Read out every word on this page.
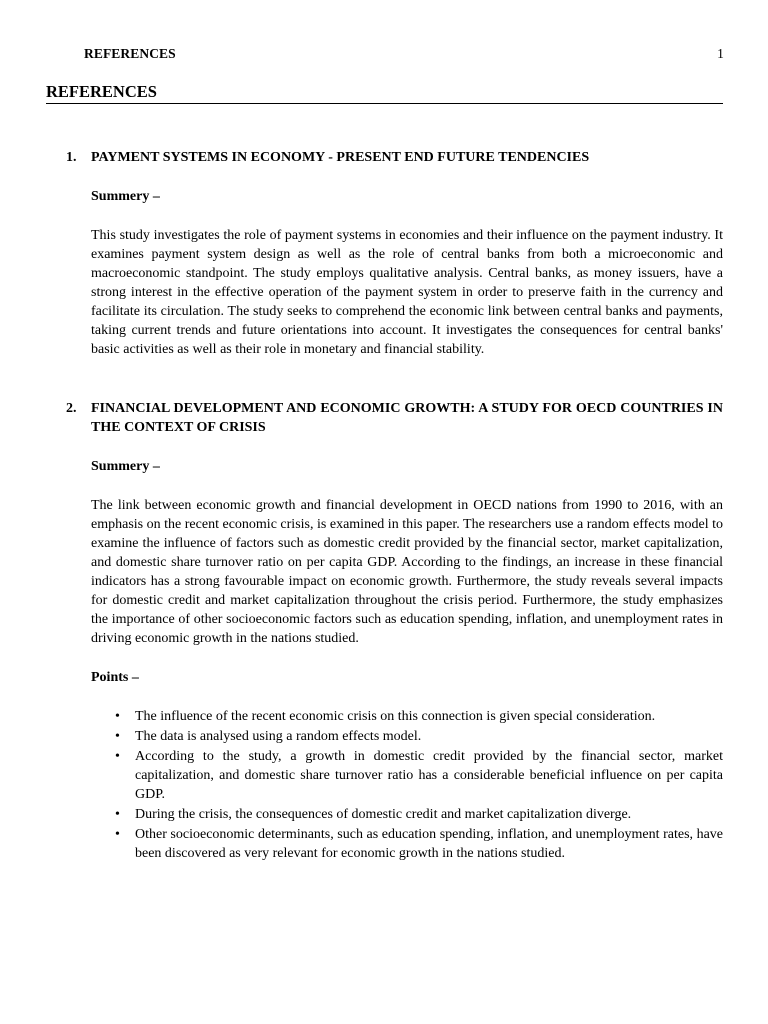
REFERENCES	1
REFERENCES
1. PAYMENT SYSTEMS IN ECONOMY - PRESENT END FUTURE TENDENCIES
Summery –
This study investigates the role of payment systems in economies and their influence on the payment industry. It examines payment system design as well as the role of central banks from both a microeconomic and macroeconomic standpoint. The study employs qualitative analysis. Central banks, as money issuers, have a strong interest in the effective operation of the payment system in order to preserve faith in the currency and facilitate its circulation. The study seeks to comprehend the economic link between central banks and payments, taking current trends and future orientations into account. It investigates the consequences for central banks' basic activities as well as their role in monetary and financial stability.
2. FINANCIAL DEVELOPMENT AND ECONOMIC GROWTH: A STUDY FOR OECD COUNTRIES IN THE CONTEXT OF CRISIS
Summery –
The link between economic growth and financial development in OECD nations from 1990 to 2016, with an emphasis on the recent economic crisis, is examined in this paper. The researchers use a random effects model to examine the influence of factors such as domestic credit provided by the financial sector, market capitalization, and domestic share turnover ratio on per capita GDP. According to the findings, an increase in these financial indicators has a strong favourable impact on economic growth. Furthermore, the study reveals several impacts for domestic credit and market capitalization throughout the crisis period. Furthermore, the study emphasizes the importance of other socioeconomic factors such as education spending, inflation, and unemployment rates in driving economic growth in the nations studied.
Points –
• The influence of the recent economic crisis on this connection is given special consideration.
• The data is analysed using a random effects model.
• According to the study, a growth in domestic credit provided by the financial sector, market capitalization, and domestic share turnover ratio has a considerable beneficial influence on per capita GDP.
• During the crisis, the consequences of domestic credit and market capitalization diverge.
• Other socioeconomic determinants, such as education spending, inflation, and unemployment rates, have been discovered as very relevant for economic growth in the nations studied.
